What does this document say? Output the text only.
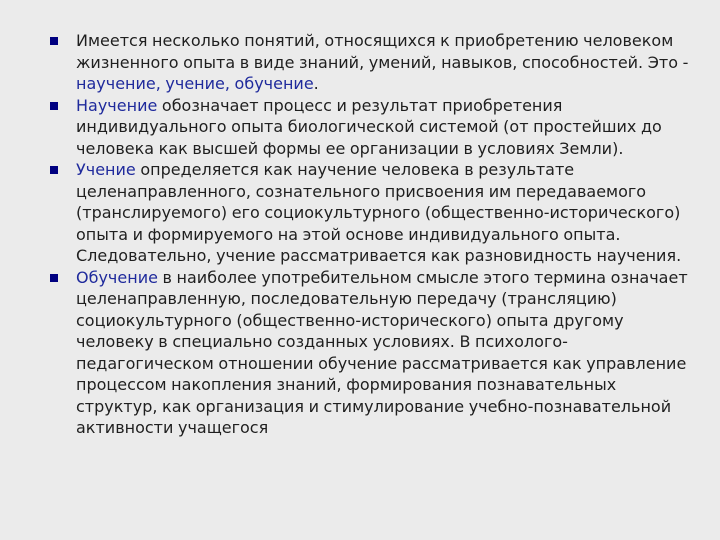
Имеется несколько понятий, относящихся к приобретению человеком жизненного опыта в виде знаний, умений, навыков, способностей. Это - научение, учение, обучение.
Научение обозначает процесс и результат приобретения индивидуального опыта биологической системой (от простейших до человека как высшей формы ее организации в условиях Земли).
Учение определяется как научение человека в результате целенаправленного, сознательного присвоения им передаваемого (транслируемого) его социокультурного (общественно-исторического) опыта и формируемого на этой основе индивидуального опыта. Следовательно, учение рассматривается как разновидность научения.
Обучение в наиболее употребительном смысле этого термина означает целенаправленную, последовательную передачу (трансляцию) социокультурного (общественно-исторического) опыта другому человеку в специально созданных условиях. В психолого-педагогическом отношении обучение рассматривается как управление процессом накопления знаний, формирования познавательных структур, как организация и стимулирование учебно-познавательной активности учащегося
